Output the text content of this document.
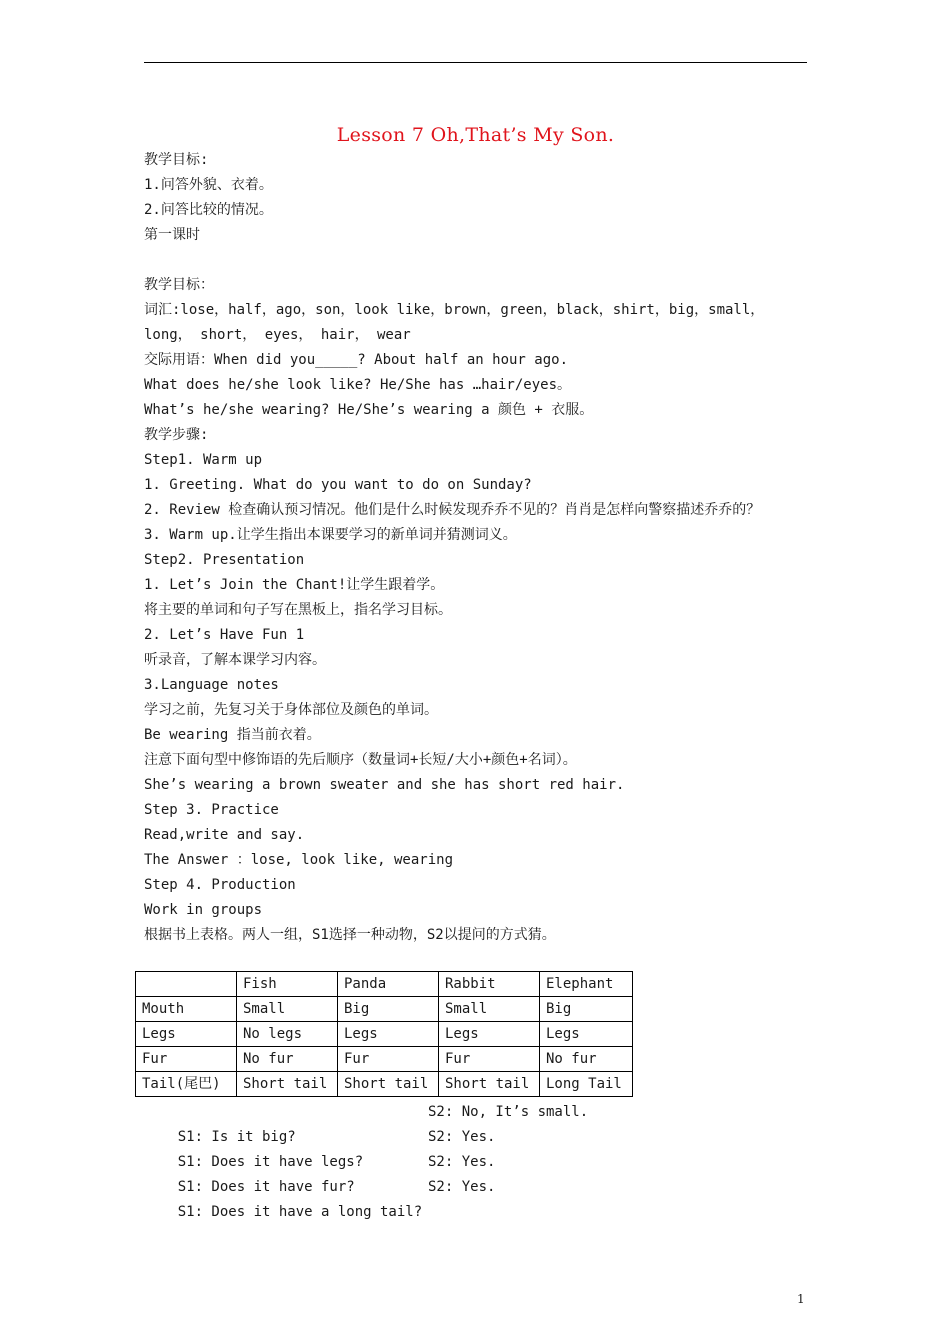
Lesson 7 Oh,That’s My Son.
教学目标:
1.问答外貌、衣着。
2.问答比较的情况。
第一课时
教学目标：
词汇:lose，half，ago，son，look like，brown，green，black，shirt，big，small，
long， short， eyes， hair， wear
交际用语：When did you_____? About half an hour ago.
What does he/she look like? He/She has …hair/eyes。
What’s he/she wearing? He/She’s wearing a 颜色 + 衣服。
教学步骤:
Step1. Warm up
1. Greeting. What do you want to do on Sunday?
2. Review 检查确认预习情况。他们是什么时候发现乔乔不见的？肖肖是怎样向警察描述乔乔的？
3. Warm up.让学生指出本课要学习的新单词并猜测词义。
Step2. Presentation
1. Let’s Join the Chant!让学生跟着学。
将主要的单词和句子写在黑板上，指名学习目标。
2. Let’s Have Fun 1
听录音，了解本课学习内容。
3.Language notes
学习之前，先复习关于身体部位及颜色的单词。
Be wearing 指当前衣着。
注意下面句型中修饰语的先后顺序（数量词+长短/大小+颜色+名词）。
She’s wearing a brown sweater and she has short red hair.
Step 3. Practice
Read,write and say.
The Answer ：lose, look like, wearing
Step 4. Production
Work in groups
根据书上表格。两人一组，S1选择一种动物，S2以提问的方式猜。
	Fish	Panda	Rabbit	Elephant
Mouth	Small	Big	Small	Big
Legs	No legs	Legs	Legs	Legs
Fur	No fur	Fur	Fur	No fur
Tail(尾巴)	Short tail	Short tail	Short tail	Long Tail

S1: Is it big?

S2: No, It’s small.

S1: Does it have legs?

S2: Yes.

S1: Does it have fur?

S2: Yes.

S1: Does it have a long tail?

S2: Yes.

1
